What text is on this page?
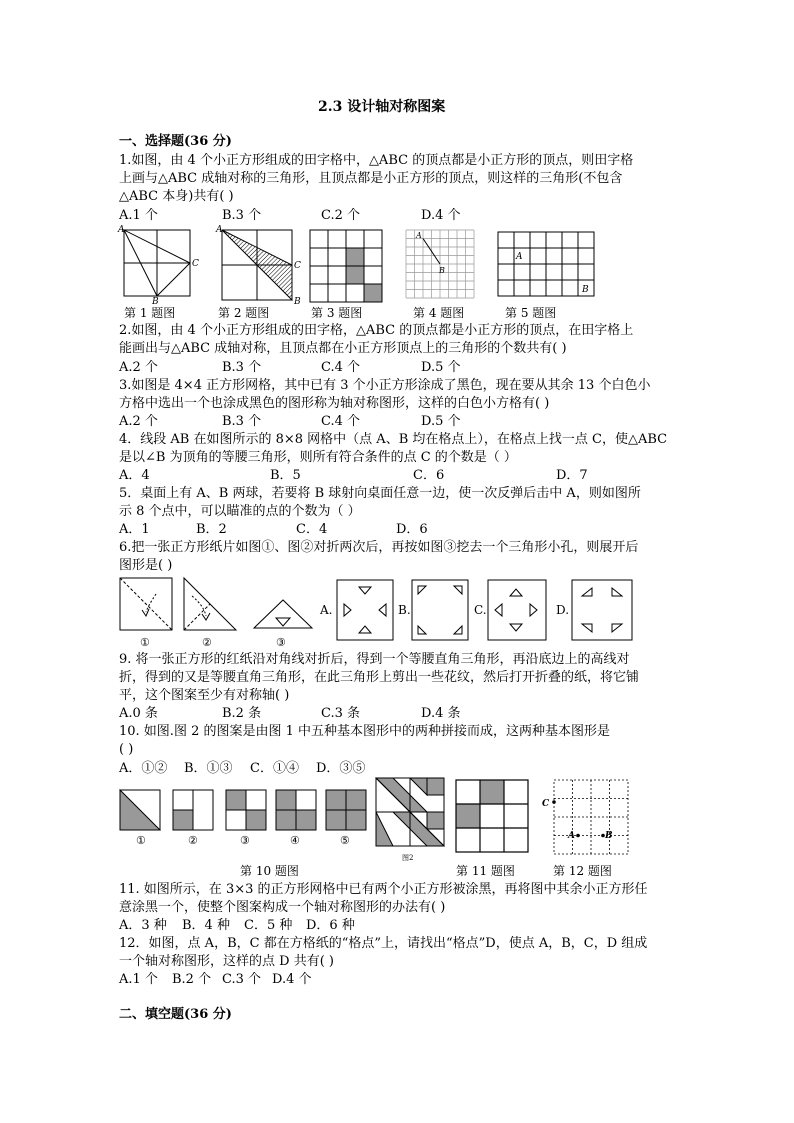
2.3 设计轴对称图案
一、选择题(36 分)
1.如图，由 4 个小正方形组成的田字格中，△ABC 的顶点都是小正方形的顶点，则田字格
上画与△ABC 成轴对称的三角形，且顶点都是小正方形的顶点，则这样的三角形(不包含
△ABC 本身)共有( )
A.1 个	B.3 个	C.2 个	D.4 个
A
C
B
A
C
B
A
B
A
B
第 1 题图	第 2 题图	第 3 题图	第 4 题图	第 5 题图
2.如图，由 4 个小正方形组成的田字格，△ABC 的顶点都是小正方形的顶点，在田字格上
能画出与△ABC 成轴对称，且顶点都在小正方形顶点上的三角形的个数共有( )
A.2 个	B.3 个	C.4 个	D.5 个
3.如图是 4×4 正方形网格，其中已有 3 个小正方形涂成了黑色，现在要从其余 13 个白色小
方格中选出一个也涂成黑色的图形称为轴对称图形，这样的白色小方格有( )
A.2 个	B.3 个	C.4 个	D.5 个
4．线段 AB 在如图所示的 8×8 网格中（点 A、B 均在格点上），在格点上找一点 C，使△ABC
是以∠B 为顶角的等腰三角形，则所有符合条件的点 C 的个数是（ ）
A．4	B．5	C．6	D．7
5．桌面上有 A、B 两球，若要将 B 球射向桌面任意一边，使一次反弹后击中 A，则如图所
示 8 个点中，可以瞄准的点的个数为（ ）
A．1	B．2	C．4	D．6
6.把一张正方形纸片如图①、图②对折两次后，再按如图③挖去一个三角形小孔，则展开后
图形是( )
①	②	③
A.	B.	C.	D.
9. 将一张正方形的红纸沿对角线对折后，得到一个等腰直角三角形，再沿底边上的高线对
折，得到的又是等腰直角三角形，在此三角形上剪出一些花纹，然后打开折叠的纸，将它铺
平，这个图案至少有对称轴( )
A.0 条	B.2 条	C.3 条	D.4 条
10. 如图.图 2 的图案是由图 1 中五种基本图形中的两种拼接而成，这两种基本图形是
( )
A．①② B．①③ C．①④ D．③⑤
①	②	③	④	⑤
图2
C
A	B
第 10 题图	第 11 题图	第 12 题图
11. 如图所示，在 3×3 的正方形网格中已有两个小正方形被涂黑，再将图中其余小正方形任
意涂黑一个，使整个图案构成一个轴对称图形的办法有( )
A．3 种 B．4 种 C．5 种 D．6 种
12．如图，点 A，B，C 都在方格纸的“格点”上，请找出“格点”D，使点 A，B，C，D 组成
一个轴对称图形，这样的点 D 共有( )
A.1 个 B.2 个 C.3 个 D.4 个
二、填空题(36 分)
